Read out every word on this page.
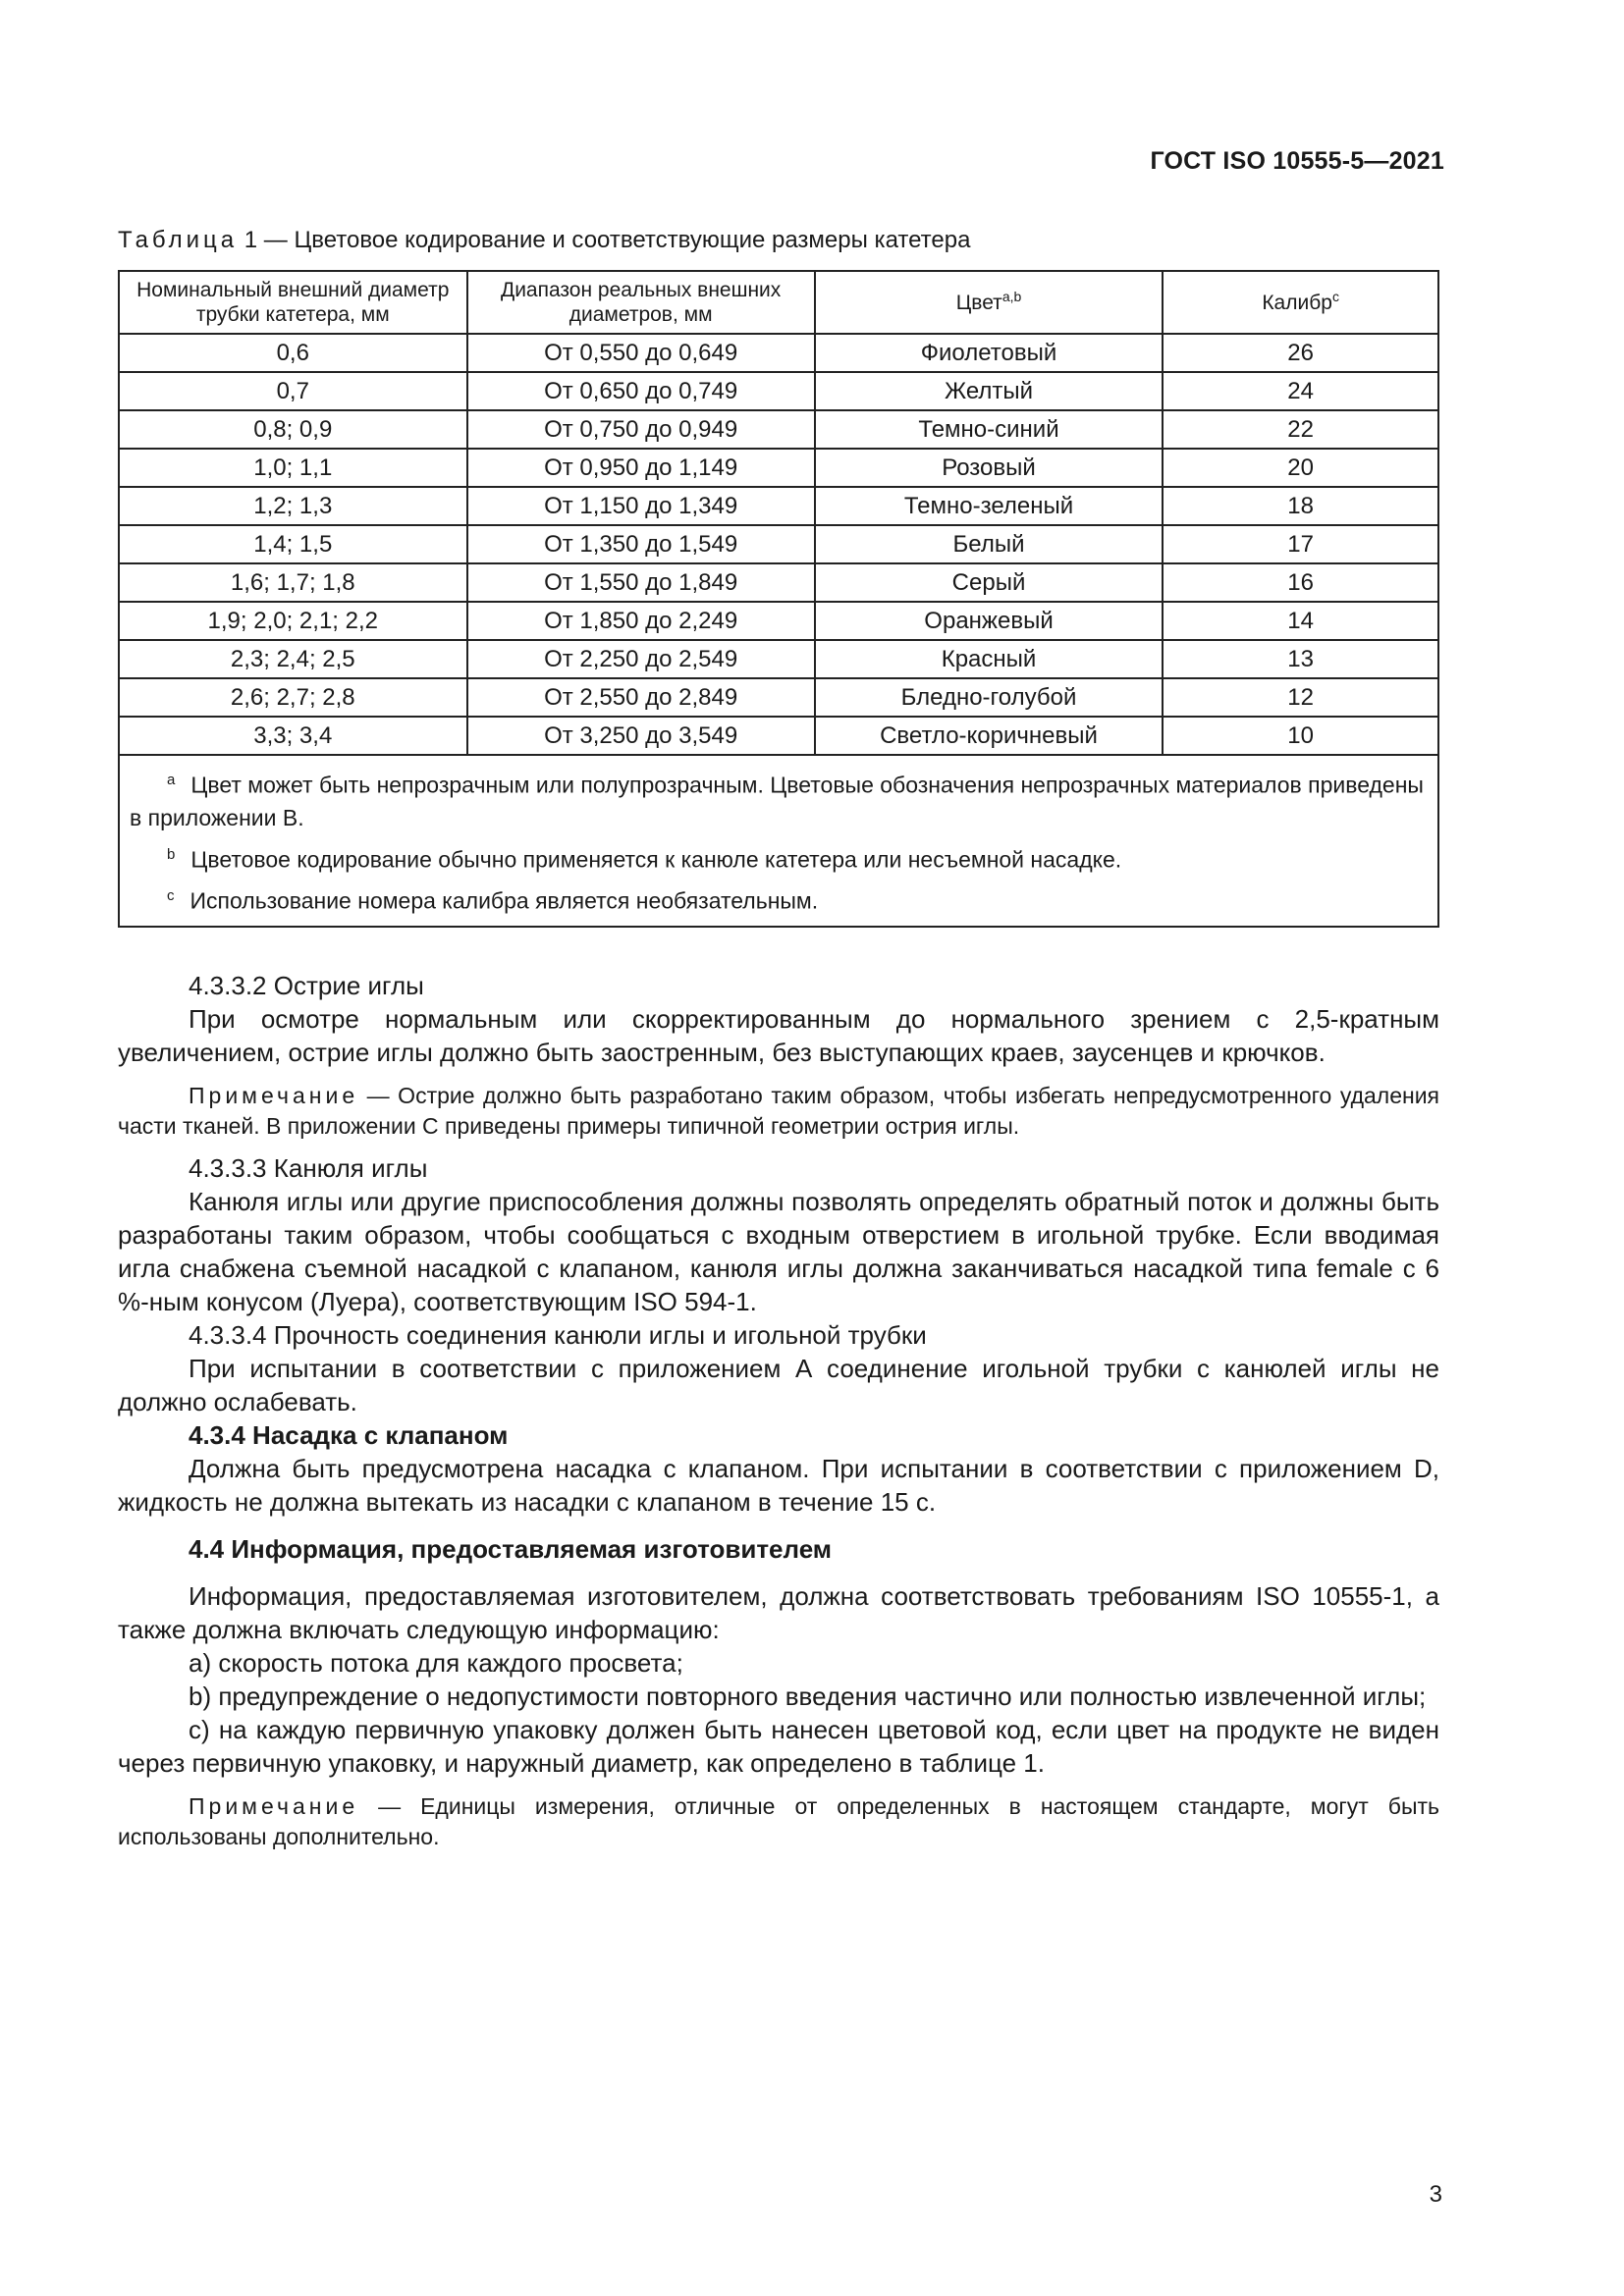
ГОСТ ISO 10555-5—2021
Таблица 1 — Цветовое кодирование и соответствующие размеры катетера
Номинальный внешний диаметр трубки катетера, мм	Диапазон реальных внешних диаметров, мм	Цвет$^{a,b}$	Калибр$^c$
0,6	От 0,550 до 0,649	Фиолетовый	26
0,7	От 0,650 до 0,749	Желтый	24
0,8; 0,9	От 0,750 до 0,949	Темно-синий	22
1,0; 1,1	От 0,950 до 1,149	Розовый	20
1,2; 1,3	От 1,150 до 1,349	Темно-зеленый	18
1,4; 1,5	От 1,350 до 1,549	Белый	17
1,6; 1,7; 1,8	От 1,550 до 1,849	Серый	16
1,9; 2,0; 2,1; 2,2	От 1,850 до 2,249	Оранжевый	14
2,3; 2,4; 2,5	От 2,250 до 2,549	Красный	13
2,6; 2,7; 2,8	От 2,550 до 2,849	Бледно-голубой	12
3,3; 3,4	От 3,250 до 3,549	Светло-коричневый	10

$^a$ Цвет может быть непрозрачным или полупрозрачным. Цветовые обозначения непрозрачных материалов приведены в приложении В.
$^b$ Цветовое кодирование обычно применяется к канюле катетера или несъемной насадке.
$^c$ Использование номера калибра является необязательным.			

4.3.3.2 Острие иглы

При осмотре нормальным или скорректированным до нормального зрением с 2,5-кратным увеличением, острие иглы должно быть заостренным, без выступающих краев, заусенцев и крючков.

Примечание — Острие должно быть разработано таким образом, чтобы избегать непредусмотренного удаления части тканей. В приложении С приведены примеры типичной геометрии острия иглы.

4.3.3.3 Канюля иглы

Канюля иглы или другие приспособления должны позволять определять обратный поток и должны быть разработаны таким образом, чтобы сообщаться с входным отверстием в игольной трубке. Если вводимая игла снабжена съемной насадкой с клапаном, канюля иглы должна заканчиваться насадкой типа female с 6 %-ным конусом (Луера), соответствующим ISO 594-1.

4.3.3.4 Прочность соединения канюли иглы и игольной трубки

При испытании в соответствии с приложением А соединение игольной трубки с канюлей иглы не должно ослабевать.

4.3.4 Насадка с клапаном

Должна быть предусмотрена насадка с клапаном. При испытании в соответствии с приложением D, жидкость не должна вытекать из насадки с клапаном в течение 15 с.

4.4 Информация, предоставляемая изготовителем

Информация, предоставляемая изготовителем, должна соответствовать требованиям ISO 10555-1, а также должна включать следующую информацию:

а) скорость потока для каждого просвета;

b) предупреждение о недопустимости повторного введения частично или полностью извлеченной иглы;

с) на каждую первичную упаковку должен быть нанесен цветовой код, если цвет на продукте не виден через первичную упаковку, и наружный диаметр, как определено в таблице 1.

Примечание — Единицы измерения, отличные от определенных в настоящем стандарте, могут быть использованы дополнительно.

3
